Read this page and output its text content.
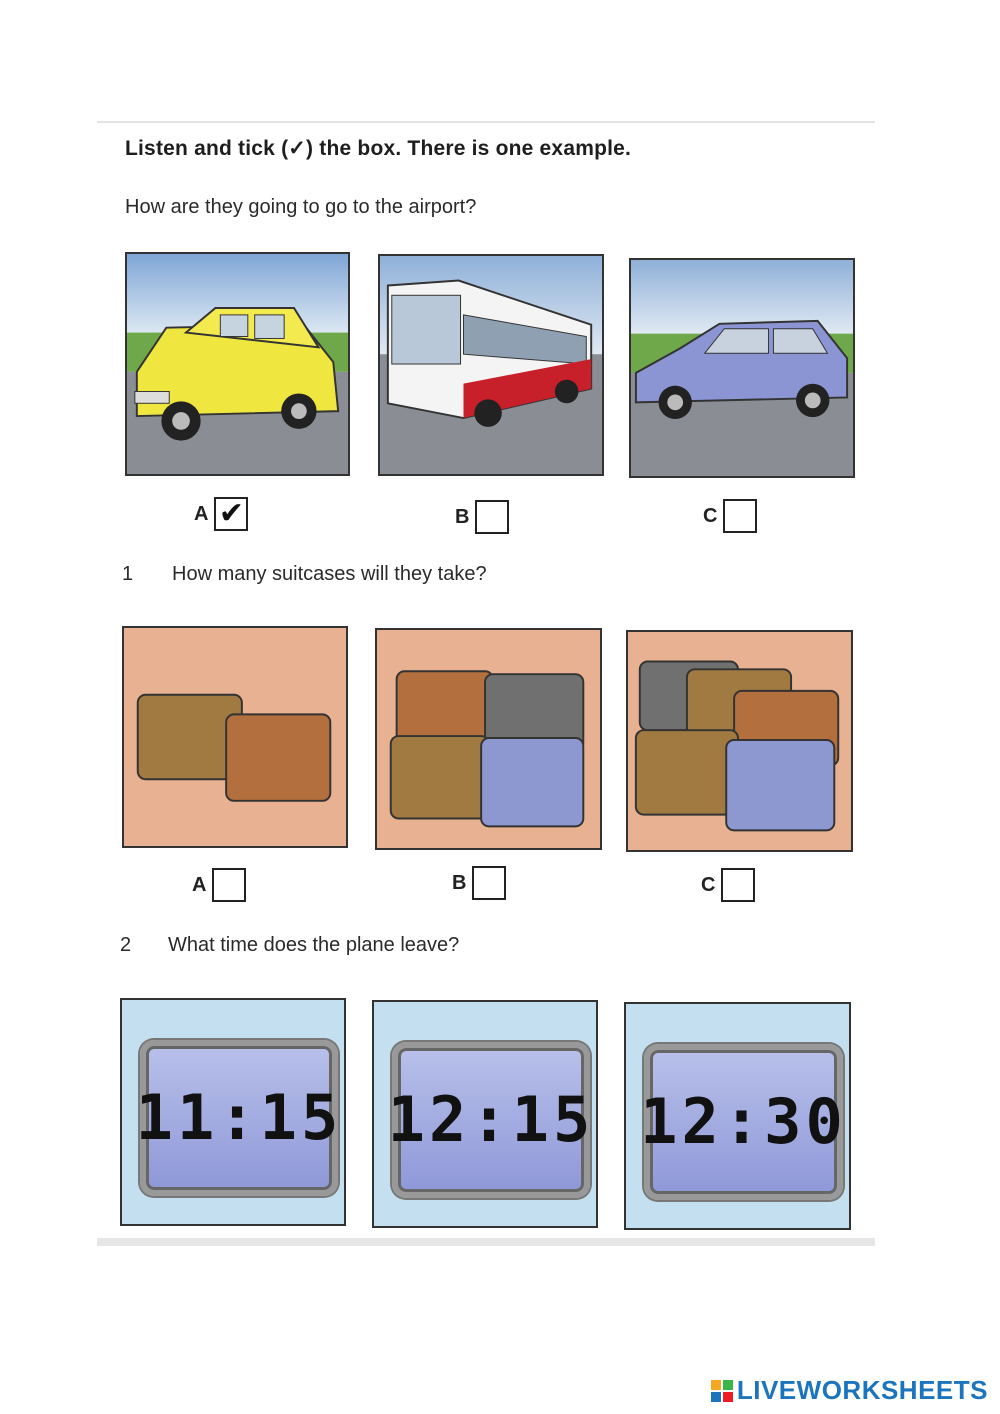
Listen and tick (✓) the box. There is one example.
How are they going to go to the airport?
A ✔	B	C
1 How many suitcases will they take?
A	B	C
2 What time does the plane leave?
11:15 12:15 12:30
LIVEWORKSHEETS
